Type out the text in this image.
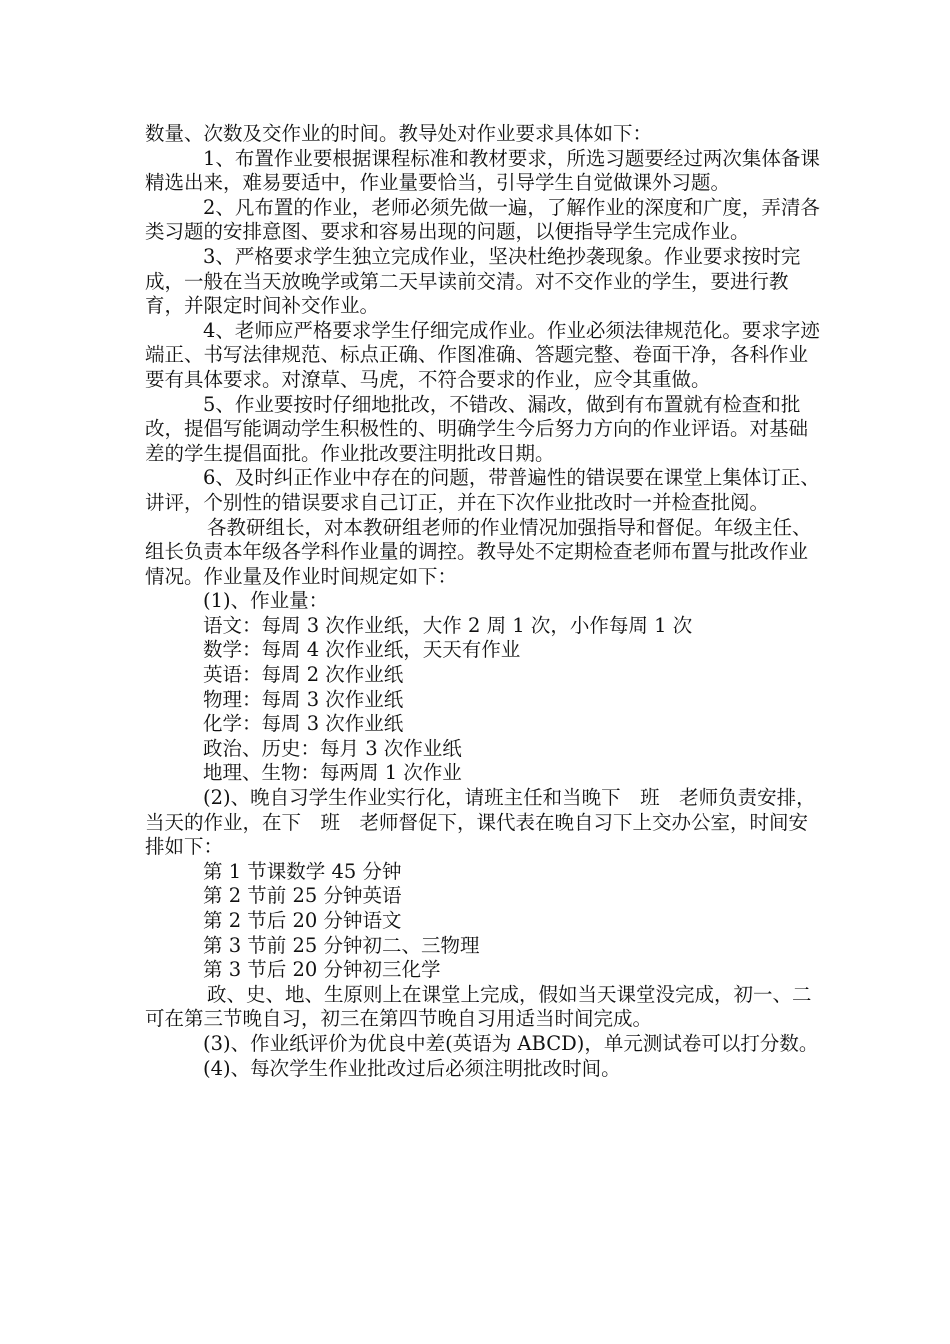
数量、次数及交作业的时间。教导处对作业要求具体如下：

1、布置作业要根据课程标准和教材要求，所选习题要经过两次集体备课精选出来，难易要适中，作业量要恰当，引导学生自觉做课外习题。

2、凡布置的作业，老师必须先做一遍，了解作业的深度和广度，弄清各类习题的安排意图、要求和容易出现的问题，以便指导学生完成作业。

3、严格要求学生独立完成作业，坚决杜绝抄袭现象。作业要求按时完成，一般在当天放晚学或第二天早读前交清。对不交作业的学生，要进行教育，并限定时间补交作业。

4、老师应严格要求学生仔细完成作业。作业必须法律规范化。要求字迹端正、书写法律规范、标点正确、作图准确、答题完整、卷面干净，各科作业要有具体要求。对潦草、马虎，不符合要求的作业，应令其重做。

5、作业要按时仔细地批改，不错改、漏改，做到有布置就有检查和批改，提倡写能调动学生积极性的、明确学生今后努力方向的作业评语。对基础差的学生提倡面批。作业批改要注明批改日期。

6、及时纠正作业中存在的问题，带普遍性的错误要在课堂上集体订正、讲评，个别性的错误要求自己订正，并在下次作业批改时一并检查批阅。

各教研组长，对本教研组老师的作业情况加强指导和督促。年级主任、组长负责本年级各学科作业量的调控。教导处不定期检查老师布置与批改作业情况。作业量及作业时间规定如下：

(1)、作业量：

语文：每周 3 次作业纸，大作 2 周 1 次，小作每周 1 次

数学：每周 4 次作业纸，天天有作业

英语：每周 2 次作业纸

物理：每周 3 次作业纸

化学：每周 3 次作业纸

政治、历史：每月 3 次作业纸

地理、生物：每两周 1 次作业

(2)、晚自习学生作业实行化，请班主任和当晚下　班　老师负责安排，当天的作业，在下　班　老师督促下，课代表在晚自习下上交办公室，时间安排如下：

第 1 节课数学 45 分钟

第 2 节前 25 分钟英语

第 2 节后 20 分钟语文

第 3 节前 25 分钟初二、三物理

第 3 节后 20 分钟初三化学

政、史、地、生原则上在课堂上完成，假如当天课堂没完成，初一、二可在第三节晚自习，初三在第四节晚自习用适当时间完成。

(3)、作业纸评价为优良中差(英语为 ABCD)，单元测试卷可以打分数。

(4)、每次学生作业批改过后必须注明批改时间。
